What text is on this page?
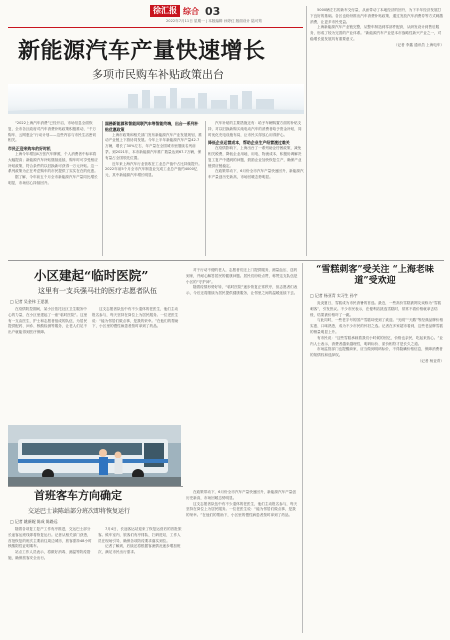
徐汇报 综合 03
2022年7月11日 星期一 | 本版编辑 孙婷红 版面设计 陆可筠
新能源汽车产量快速增长
多项市民购车补贴政策出台

“2022上海汽车消费”已经开启，市场信息全面恢复，全市各区政府对汽车消费补贴政策积极推动，“千万购车、云网惠企”行动计划——这些内容与市民生活密切相关。

市民正迎来购车的好时机

上海今年增加4万张汽车牌照，个人消费者中标率将大幅提高；新能源汽车补贴继续延续，购车时可享受相应补贴政策，符合条件的以旧换新可获得一万元补贴。这一系列政策为正在考虑购车的市民提供了实实在在的优惠。

据了解，今年前五个月全市新能源汽车产量同比增长明显，市场信心持续回升。

国務新能源和智能网联汽车等智能终端，出台一系列补贴优惠政策

上海市政策和相关部门发布新能源汽车产业发展规划，推动产业链上下游协同发展。今年上半年新能源汽车产量42.7万辆，增长了30%左右，年产量在全国城市里继续名列前茅。到2021年，本市新能源汽车推广数量达到67.7万辆，保有量占全国领先位置。

近年来上海汽车行业营收在工业总产值中占比持续提升。2022年前5个月全市汽车制造业完成工业总产值约4000亿元，其中新能源汽车增长明显。

汽车补贴的主要措施还有：给予车辆购置方面的补贴支持，对以旧换新购买纯电动汽车的消费者给予资金补贴，同时优化充电设施布局，让市民买得放心用得舒心。

降低企业运营成本，帮助企业生产经营渡过难关

在疫情影响下，上海出台了一系列助企纾困政策，减免相关税费，降低企业用地、用电、物流成本，积极协调解决复工复产中遇到的问题，鼓励企业加快恢复生产，确保产业链供应链稳定。

在政策带动下，6月份全市汽车产量快速回升，新能源汽车产量创历史新高，市场回暖态势明显。

5000辆左右的新车交付量，从而带动了本地经济的回升，为下半年经济发展打下良好的基础。各区也纷纷推出汽车消费补贴政策，通过发放汽车消费券等方式刺激消费，让更多市民受益。

上海新能源汽车产业链完整，从整车制造到零部件配套，从研发设计到售后服务，形成了较为完善的产业体系。”新能源汽车产业是本市战略性新兴产业之一，对稳增长促发展具有重要意义。

（记者 李鑫 通讯员 上海电车）
小区建起“临时医院”
这里有一支兵强马壮的医疗志愿者队伍
□ 记者 吴金伟 王思凯

在疫情防控期间，某小区依托社区卫生服务中心的力量，在小区里建起了一座“临时医院”。这里有一支由医生、护士和志愿者组成的队伍，为居民提供配药、问诊、核酸检测等服务，让老人们足不出户就能得到医疗保障。

这支志愿者队伍中有不少退休的老医生，他们主动报名参与，每天坚持在岗位上为居民服务。一位老医生说：“能为邻居们做点事，是我的荣幸。”在他们的帮助下，小区里的慢性病患者按时拿到了药品。

对于行动不便的老人，志愿者们还上门提供服务，测量血压、送药到家，并耐心解答居民的健康问题。居民们纷纷点赞，称赞这支队伍是小区的“守护神”。

随着疫情形势好转，“临时医院”逐步恢复正常秩序，但志愿者们表示，今后还将继续为居民提供健康服务，让邻里之间的温暖延续下去。

“雪糕刺客”受关注 “上海老味道”受欢迎
□ 记者 杨亚青 实习生 孙宇

炎炎夏日，雪糕成为市民消暑的首选。最近，一些高价雪糕被网友戏称为“雪糕刺客”，引发热议。不少市民表示，在便利店挑选雪糕时，常常不看价格就拿去结账，结果被价格吓了一跳。

与此同时，一些老字号的国产雪糕却受到了欢迎。“光明”“天鹅”等经典品牌价格实惠、口味熟悉，成为不少市民的怀旧之选。记者在多家超市看到，这些老品牌雪糕的销量明显上升。

有市民说：“这些雪糕承载着我们小时候的回忆，价格也亲民，吃起来放心。”业内人士表示，消费者越来越理性，明码标价、质价相符才是长久之道。

市场监管部门也提醒商家，应当做到明码标价，不得隐瞒价格信息，保障消费者的知情权和选择权。

（记者 杨亚青）
首班客车方向确定
交运巴士读陈站部分班次即将恢复运行
□ 记者 姚新妮 陈成 陈路远

随着各项复工复产工作有序推进，交运巴士部分长途客运班线即将恢复运行。记者从相关部门获悉，首批恢复的班次主要前往周边城市，旅客需持48小时核酸阴性证明乘车。

站点工作人员表示，将做好消毒、测温等防疫措施，确保旅客安全出行。

7月4日，长途客运站迎来了恢复运营后的首批旅客。候车室内，旅客们有序排队、扫码进站，工作人员在现场引导，确保各项防疫要求落实到位。

记者了解到，后续还将根据客流情况逐步增加班次，满足市民出行需求。

在政策带动下，6月份全市汽车产量快速回升，新能源汽车产量创历史新高，市场回暖态势明显。

这支志愿者队伍中有不少退休的老医生，他们主动报名参与，每天坚持在岗位上为居民服务。一位老医生说：“能为邻居们做点事，是我的荣幸。”在他们的帮助下，小区里的慢性病患者按时拿到了药品。
